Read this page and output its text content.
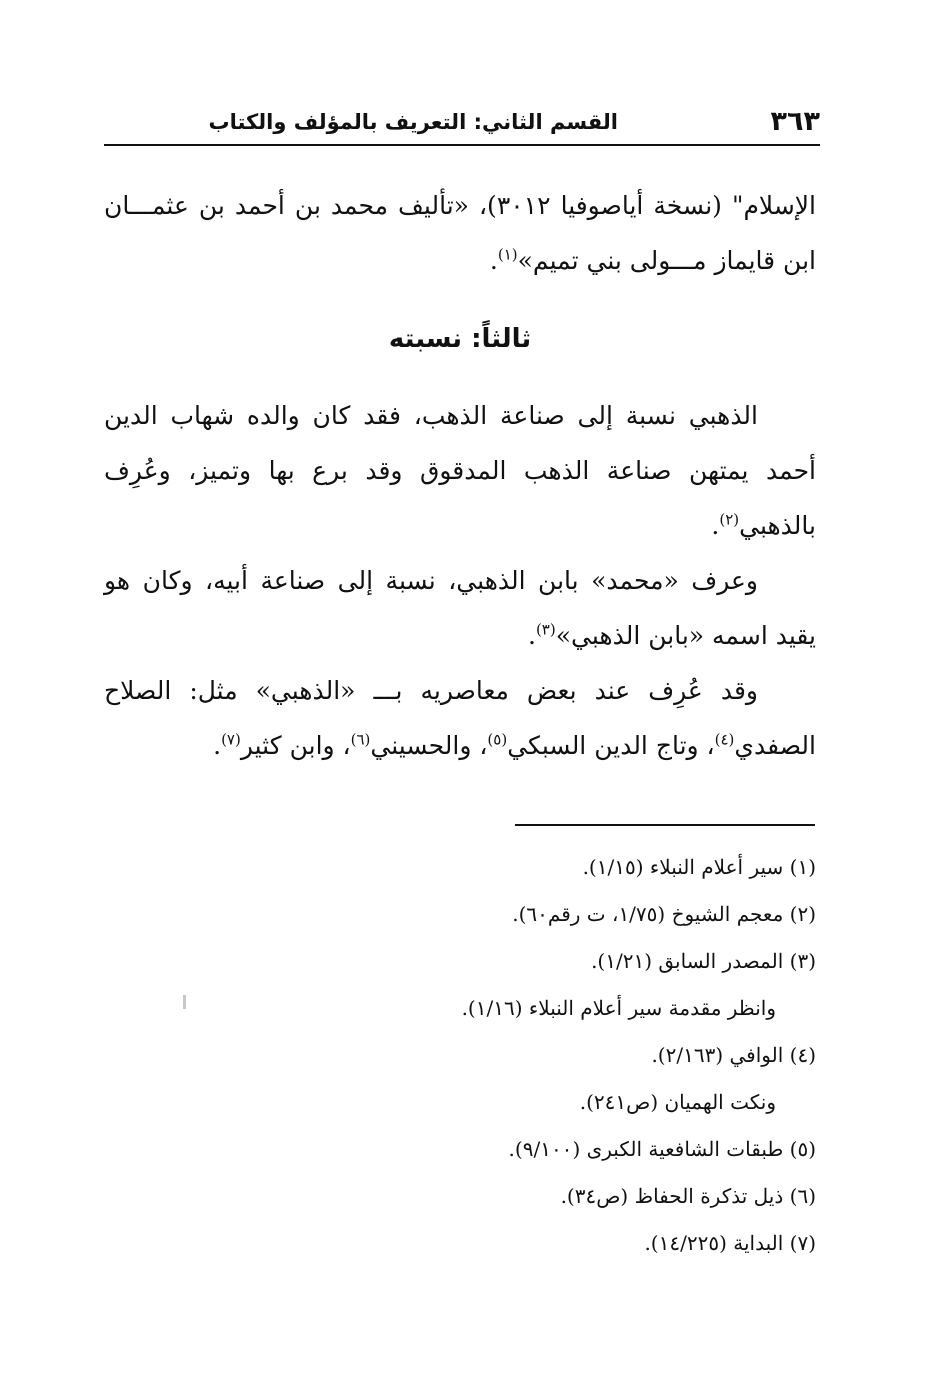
٣٦٣
القسم الثاني: التعريف بالمؤلف والكتاب

الإسلام" (نسخة أياصوفيا ٣٠١٢)، «تأليف محمد بن أحمد بن عثمـــان ابن قايماز مـــولى بني تميم»$^{(١)}$.

ثالثاً: نسبته

الذهبي نسبة إلى صناعة الذهب، فقد كان والده شهاب الدين أحمد يمتهن صناعة الذهب المدقوق وقد برع بها وتميز، وعُرِف بالذهبي$^{(٢)}$.

وعرف «محمد» بابن الذهبي، نسبة إلى صناعة أبيه، وكان هو يقيد اسمه «بابن الذهبي»$^{(٣)}$.

وقد عُرِف عند بعض معاصريه بـــ «الذهبي» مثل: الصلاح الصفدي$^{(٤)}$، وتاج الدين السبكي$^{(٥)}$، والحسيني$^{(٦)}$، وابن كثير$^{(٧)}$.

(١) سير أعلام النبلاء (١/١٥).

(٢) معجم الشيوخ (١/٧٥، ت رقم٦٠).

(٣) المصدر السابق (١/٢١).

وانظر مقدمة سير أعلام النبلاء (١/١٦).

(٤) الوافي (٢/١٦٣).

ونكت الهميان (ص٢٤١).

(٥) طبقات الشافعية الكبرى (٩/١٠٠).

(٦) ذيل تذكرة الحفاظ (ص٣٤).

(٧) البداية (١٤/٢٢٥).
